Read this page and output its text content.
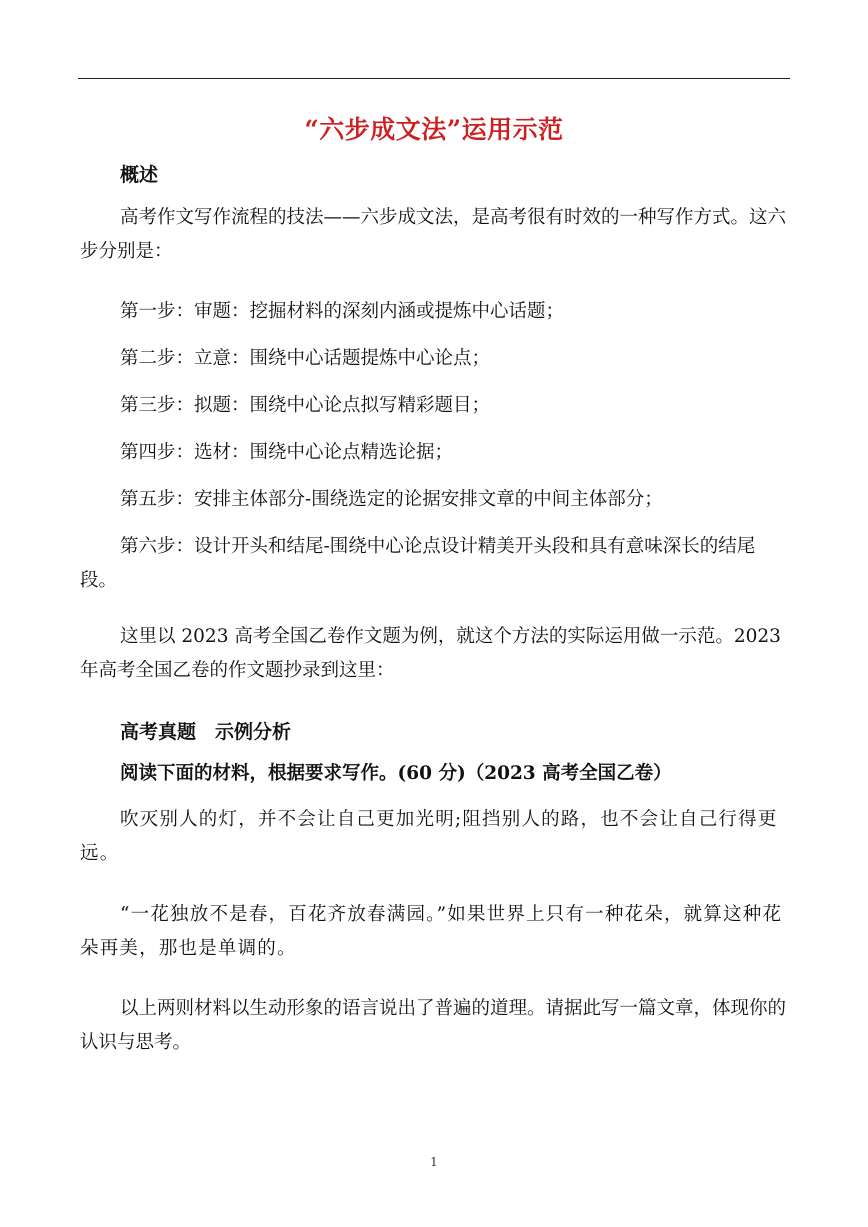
“六步成文法”运用示范
概述

高考作文写作流程的技法——六步成文法，是高考很有时效的一种写作方式。这六步分别是：

第一步：审题：挖掘材料的深刻内涵或提炼中心话题；

第二步：立意：围绕中心话题提炼中心论点；

第三步：拟题：围绕中心论点拟写精彩题目；

第四步：选材：围绕中心论点精选论据；

第五步：安排主体部分-围绕选定的论据安排文章的中间主体部分；

第六步：设计开头和结尾-围绕中心论点设计精美开头段和具有意味深长的结尾段。

这里以 2023 高考全国乙卷作文题为例，就这个方法的实际运用做一示范。2023 年高考全国乙卷的作文题抄录到这里：

高考真题　示例分析

阅读下面的材料，根据要求写作。(60 分)（2023 高考全国乙卷）

吹灭别人的灯，并不会让自己更加光明;阻挡别人的路，也不会让自己行得更远。

“一花独放不是春，百花齐放春满园。”如果世界上只有一种花朵，就算这种花朵再美，那也是单调的。

以上两则材料以生动形象的语言说出了普遍的道理。请据此写一篇文章，体现你的认识与思考。

1
